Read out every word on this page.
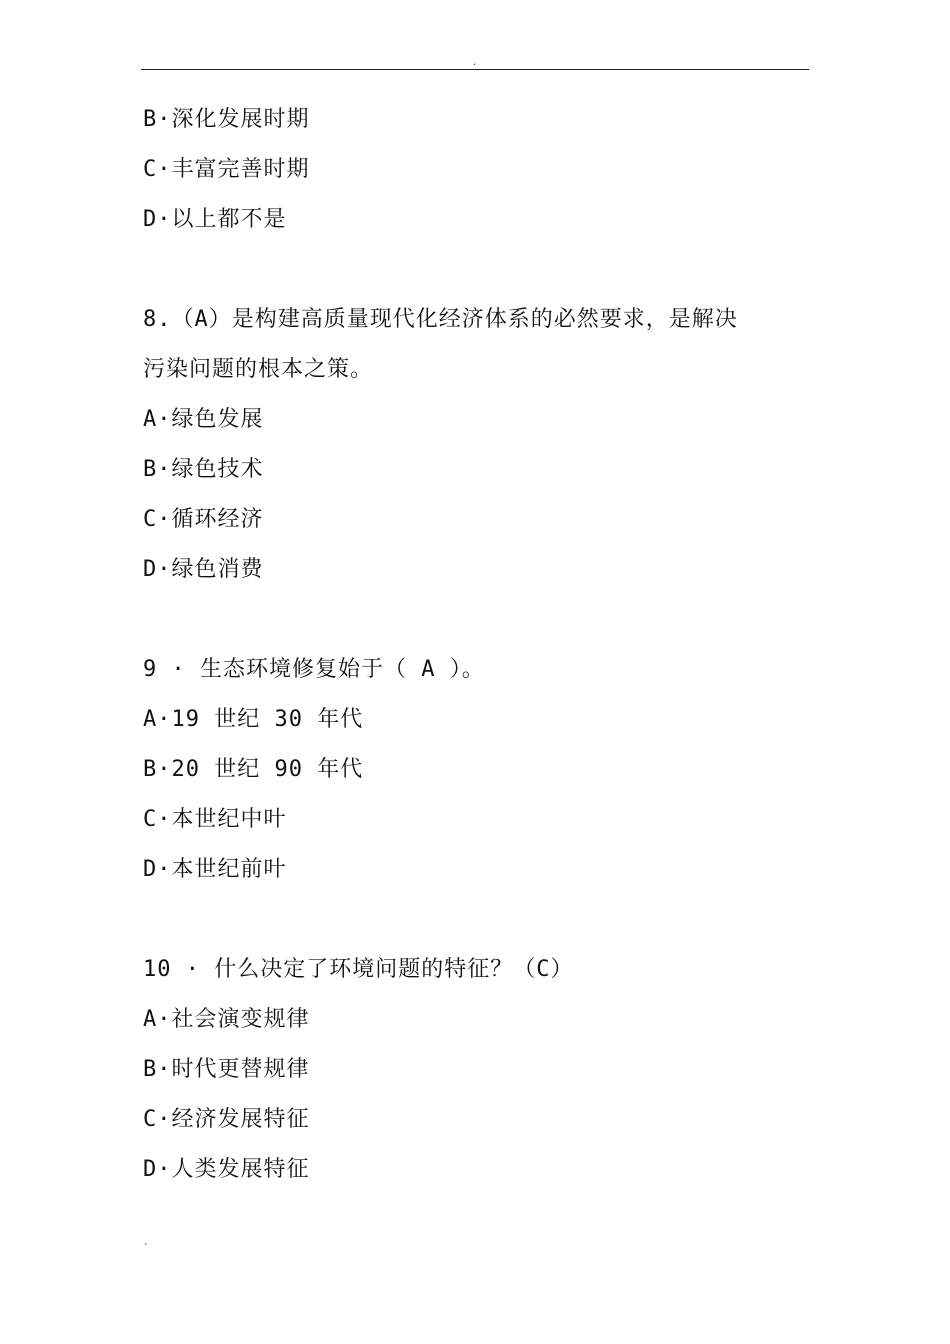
.
B·深化发展时期
C·丰富完善时期
D·以上都不是
8.（A）是构建高质量现代化经济体系的必然要求，是解决
污染问题的根本之策。
A·绿色发展
B·绿色技术
C·循环经济
D·绿色消费
9 · 生态环境修复始于（ A ）。
A·19 世纪 30 年代
B·20 世纪 90 年代
C·本世纪中叶
D·本世纪前叶
10 · 什么决定了环境问题的特征？（C）
A·社会演变规律
B·时代更替规律
C·经济发展特征
D·人类发展特征
.
